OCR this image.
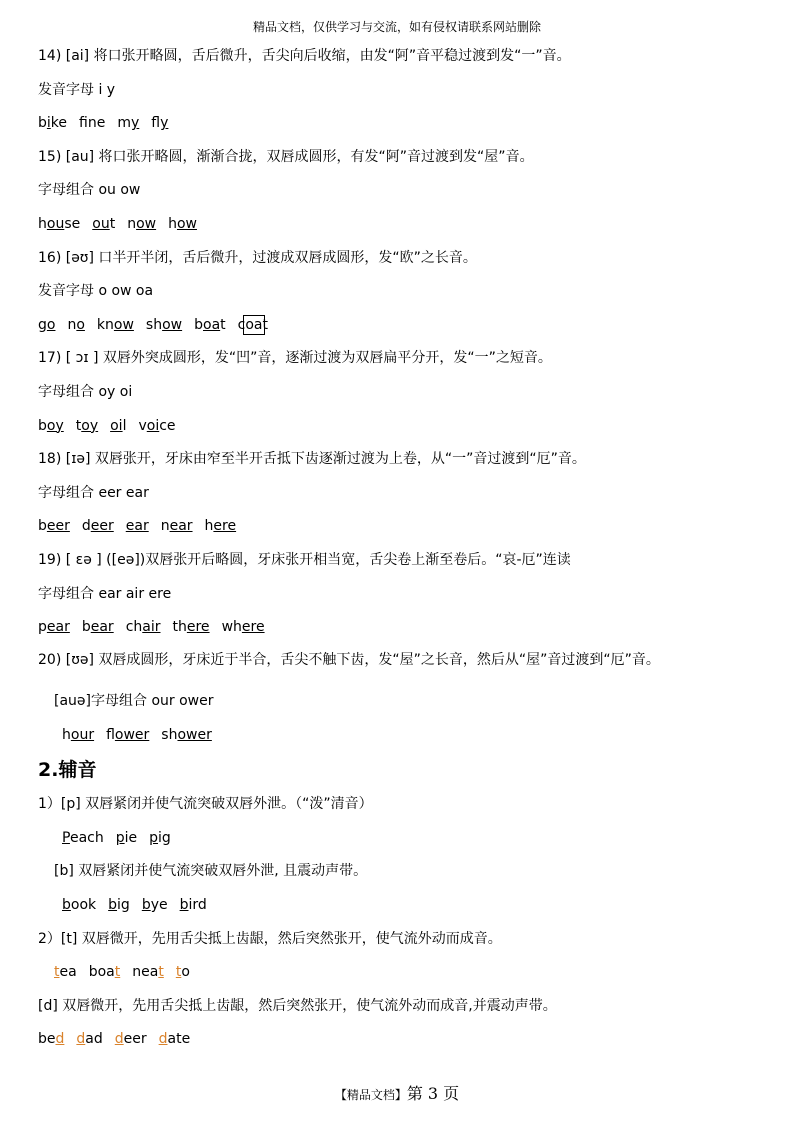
精品文档，仅供学习与交流，如有侵权请联系网站删除
14) [ai] 将口张开略圆，舌后微升，舌尖向后收缩，由发“阿”音平稳过渡到发“一”音。
发音字母 i y
bike fne my fly
15) [au] 将口张开略圆，渐渐合拢，双唇成圆形，有发“阿”音过渡到发“屋”音。
字母组合 ou ow
house out now how
16) [əʊ] 口半开半闭，舌后微升，过渡成双唇成圆形，发“欧”之长音。
发音字母 o ow oa
go no know show boat coat
17) [ ɔɪ ] 双唇外突成圆形，发“凹”音，逐渐过渡为双唇扁平分开，发“一”之短音。
字母组合 oy oi
boy toy oil voice
18) [ɪə] 双唇张开，牙床由窄至半开舌抵下齿逐渐过渡为上卷，从“一”音过渡到“厄”音。
字母组合 eer ear
beer deer ear near here
19) [ ɛə ] ([eə])双唇张开后略圆，牙床张开相当宽，舌尖卷上渐至卷后。“哀-厄”连读
字母组合 ear air ere
pear bear chair there where
20) [ʊə] 双唇成圆形，牙床近于半合，舌尖不触下齿，发“屋”之长音，然后从“屋”音过渡到“厄”音。
[auə]字母组合 our ower
hour flower shower
2.辅音
1）[p] 双唇紧闭并使气流突破双唇外泄。（“泼”清音）
Peach pie pig
[b] 双唇紧闭并使气流突破双唇外泄, 且震动声带。
book big bye bird
2）[t] 双唇微开，先用舌尖抵上齿龈，然后突然张开，使气流外动而成音。
tea boat neat to
[d] 双唇微开，先用舌尖抵上齿龈，然后突然张开，使气流外动而成音,并震动声带。
bed dad deer date
【精品文档】第 3 页
